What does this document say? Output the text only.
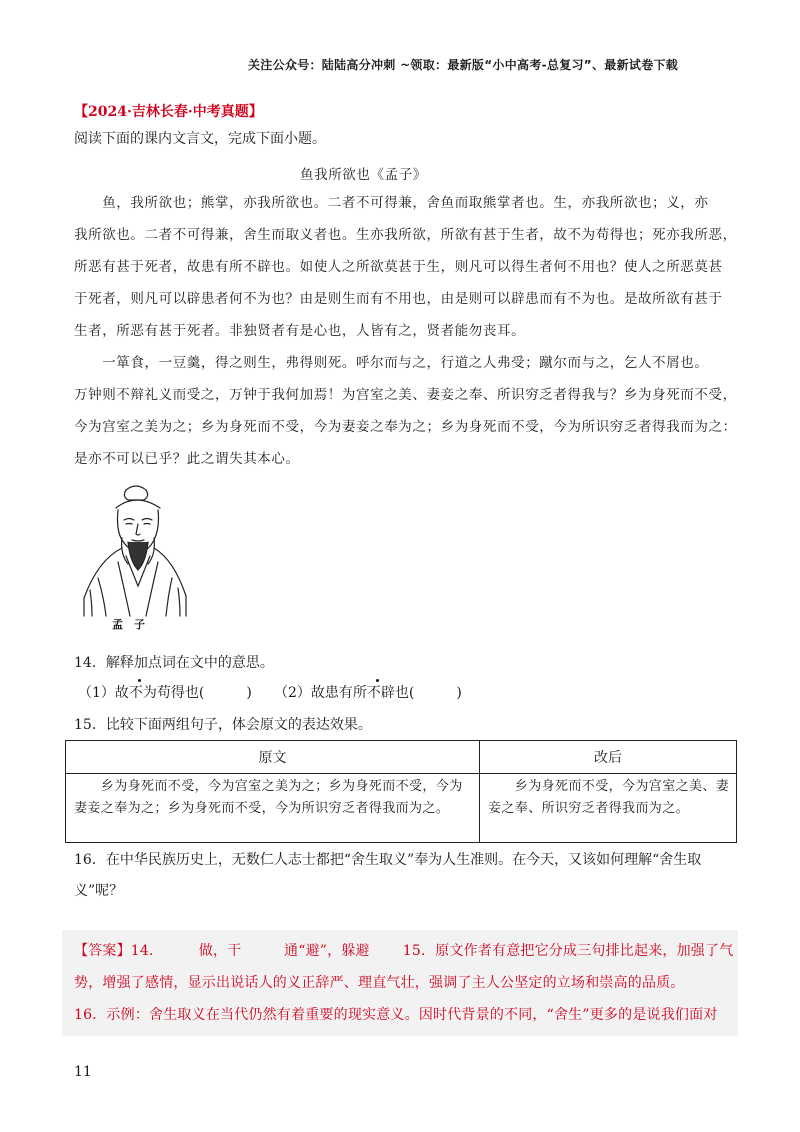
关注公众号：陆陆高分冲刺 ~领取：最新版“小中高考-总复习”、最新试卷下载
【2024·吉林长春·中考真题】
阅读下面的课内文言文，完成下面小题。
鱼我所欲也《孟子》
　　鱼，我所欲也；熊掌，亦我所欲也。二者不可得兼，舍鱼而取熊掌者也。生，亦我所欲也；义，亦
我所欲也。二者不可得兼，舍生而取义者也。生亦我所欲，所欲有甚于生者，故不为苟得也；死亦我所恶，
所恶有甚于死者，故患有所不辟也。如使人之所欲莫甚于生，则凡可以得生者何不用也？使人之所恶莫甚
于死者，则凡可以辟患者何不为也？由是则生而有不用也，由是则可以辟患而有不为也。是故所欲有甚于
生者，所恶有甚于死者。非独贤者有是心也，人皆有之，贤者能勿丧耳。
　　一箪食，一豆羹，得之则生，弗得则死。呼尔而与之，行道之人弗受；蹴尔而与之，乞人不屑也。
万钟则不辩礼义而受之，万钟于我何加焉！为宫室之美、妻妾之奉、所识穷乏者得我与？乡为身死而不受，
今为宫室之美为之；乡为身死而不受，今为妻妾之奉为之；乡为身死而不受，今为所识穷乏者得我而为之：
是亦不可以已乎？此之谓失其本心。
孟　子
14．解释加点词在文中的意思。
（1）故不为苟得也(　　　) （2）故患有所不辟也(　　　)
15．比较下面两组句子，体会原文的表达效果。
原文	改后
　　乡为身死而不受，今为宫室之美为之；乡为身死而不受，今为妻妾之奉为之；乡为身死而不受，今为所识穷乏者得我而为之。	　　乡为身死而不受，今为宫室之美、妻妾之奉、所识穷乏者得我而为之。
16．在中华民族历史上，无数仁人志士都把“舍生取义”奉为人生准则。在今天，又该如何理解“舍生取
义”呢？
【答案】14．　　　做，干　　　通“避”，躲避　　 15．原文作者有意把它分成三句排比起来，加强了气
势，增强了感情，显示出说话人的义正辞严、理直气壮，强调了主人公坚定的立场和崇高的品质。
16．示例：舍生取义在当代仍然有着重要的现实意义。因时代背景的不同，“舍生”更多的是说我们面对
11
